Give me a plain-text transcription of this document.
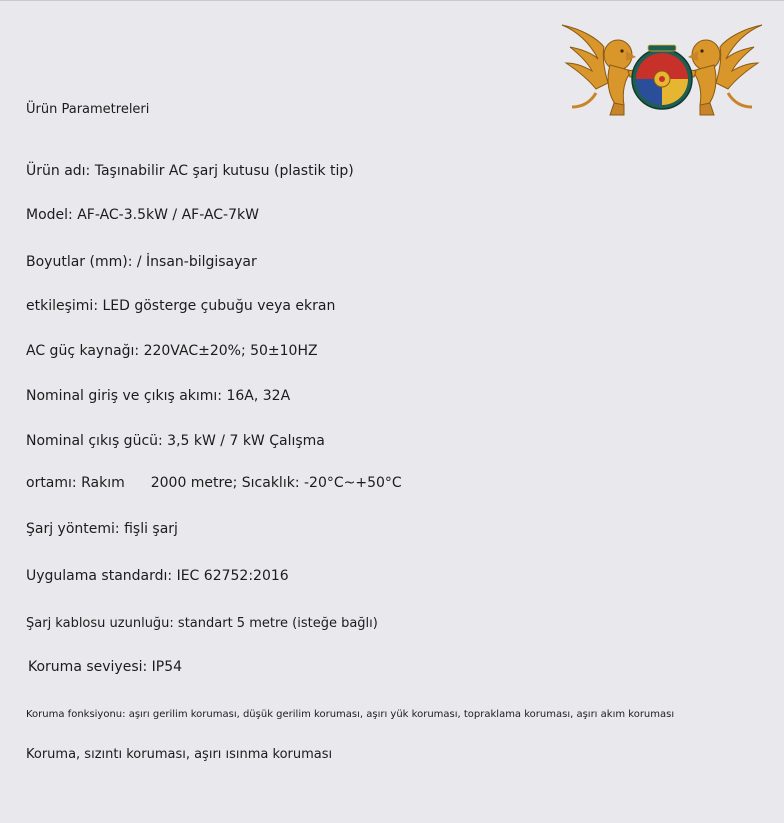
Ürün Parametreleri
Ürün adı: Taşınabilir AC şarj kutusu (plastik tip)
Model: AF-AC-3.5kW / AF-AC-7kW
Boyutlar (mm): / İnsan-bilgisayar
etkileşimi: LED gösterge çubuğu veya ekran
AC güç kaynağı: 220VAC±20%; 50±10HZ
Nominal giriş ve çıkış akımı: 16A, 32A
Nominal çıkış gücü: 3,5 kW / 7 kW Çalışma
ortamı: Rakım 2000 metre; Sıcaklık: -20°C~+50°C
Şarj yöntemi: fişli şarj
Uygulama standardı: IEC 62752:2016
Şarj kablosu uzunluğu: standart 5 metre (isteğe bağlı)
Koruma seviyesi: IP54
Koruma fonksiyonu: aşırı gerilim koruması, düşük gerilim koruması, aşırı yük koruması, topraklama koruması, aşırı akım koruması
Koruma, sızıntı koruması, aşırı ısınma koruması
